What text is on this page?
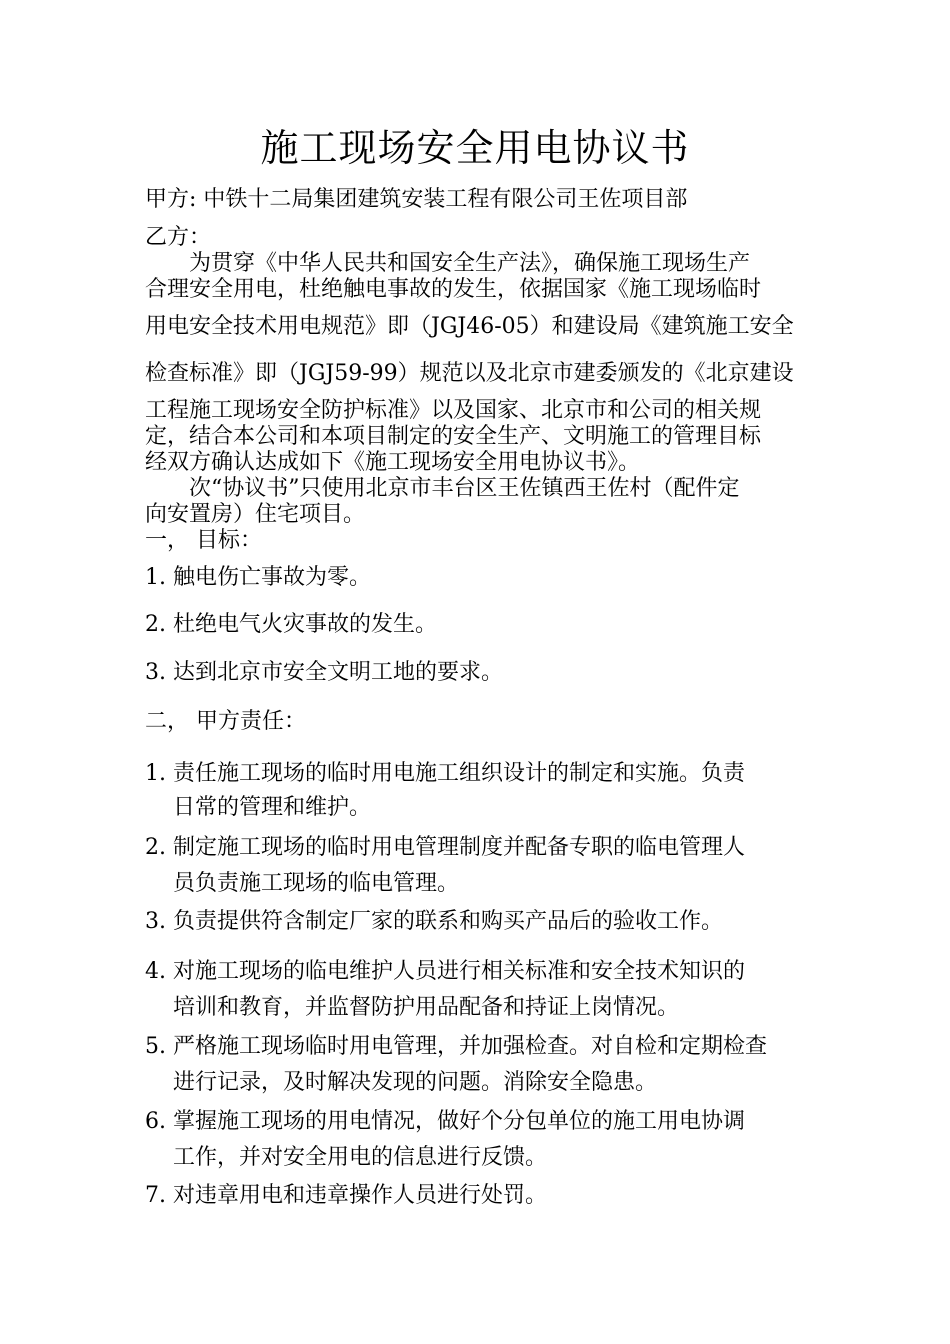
施工现场安全用电协议书
甲方: 中铁十二局集团建筑安装工程有限公司王佐项目部
乙方：
　　为贯穿《中华人民共和国安全生产法》，确保施工现场生产
合理安全用电，杜绝触电事故的发生，依据国家《施工现场临时
用电安全技术用电规范》即（JGJ46-05）和建设局《建筑施工安全
检查标准》即（JGJ59-99）规范以及北京市建委颁发的《北京建设
工程施工现场安全防护标准》以及国家、北京市和公司的相关规
定，结合本公司和本项目制定的安全生产、文明施工的管理目标
经双方确认达成如下《施工现场安全用电协议书》。
　　次“协议书”只使用北京市丰台区王佐镇西王佐村（配件定
向安置房）住宅项目。
一， 目标：
1. 触电伤亡事故为零。
2. 杜绝电气火灾事故的发生。
3. 达到北京市安全文明工地的要求。
二， 甲方责任：
1. 责任施工现场的临时用电施工组织设计的制定和实施。负责
日常的管理和维护。
2. 制定施工现场的临时用电管理制度并配备专职的临电管理人
员负责施工现场的临电管理。
3. 负责提供符含制定厂家的联系和购买产品后的验收工作。
4. 对施工现场的临电维护人员进行相关标准和安全技术知识的
培训和教育，并监督防护用品配备和持证上岗情况。
5. 严格施工现场临时用电管理，并加强检查。对自检和定期检查
进行记录，及时解决发现的问题。消除安全隐患。
6. 掌握施工现场的用电情况，做好个分包单位的施工用电协调
工作，并对安全用电的信息进行反馈。
7. 对违章用电和违章操作人员进行处罚。
